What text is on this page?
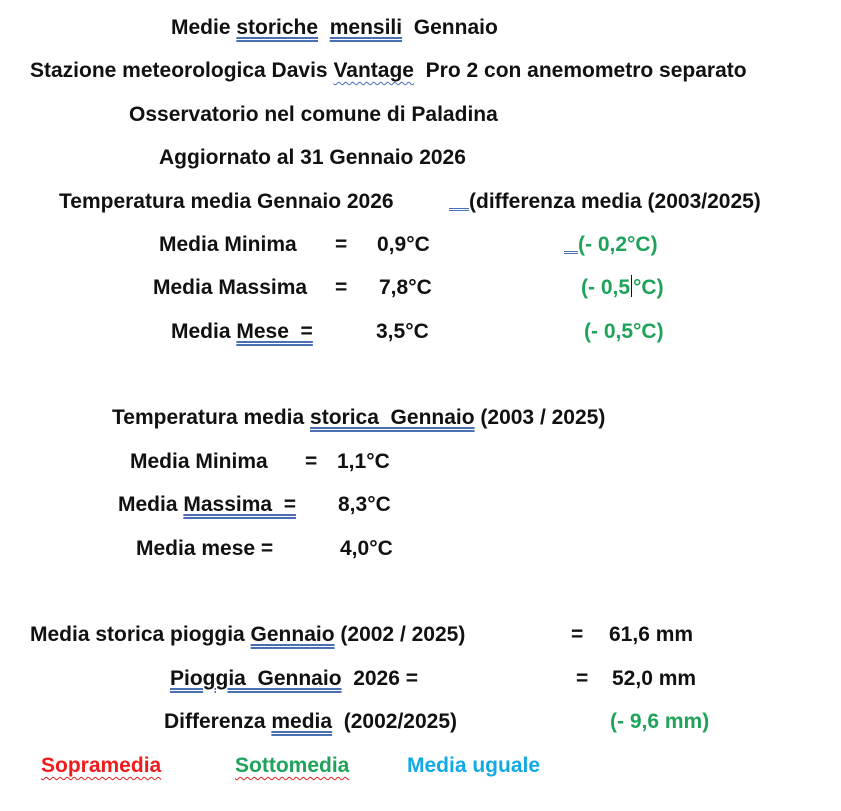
Medie storiche mensili  Gennaio
Stazione meteorologica Davis Vantage  Pro 2 con anemometro separato
Osservatorio nel comune di Paladina
Aggiornato al 31 Gennaio 2026
Temperatura media Gennaio 2026	(differenza media (2003/2025)
Media Minima = 0,9°C	(- 0,2°C)
Media Massima = 7,8°C	(- 0,5 °C)
Media Mese  =	3,5°C	(- 0,5°C)
Temperatura media storica  Gennaio (2003 / 2025)
Media Minima = 1,1°C
Media Massima  = 8,3°C
Media mese =	4,0°C
Media storica pioggia Gennaio (2002 / 2025)	= 61,6 mm
Pioggia  Gennaio  2026 =	= 52,0 mm
Differenza media  (2002/2025)	(- 9,6 mm)
Sopramedia	Sottomedia	Media uguale
